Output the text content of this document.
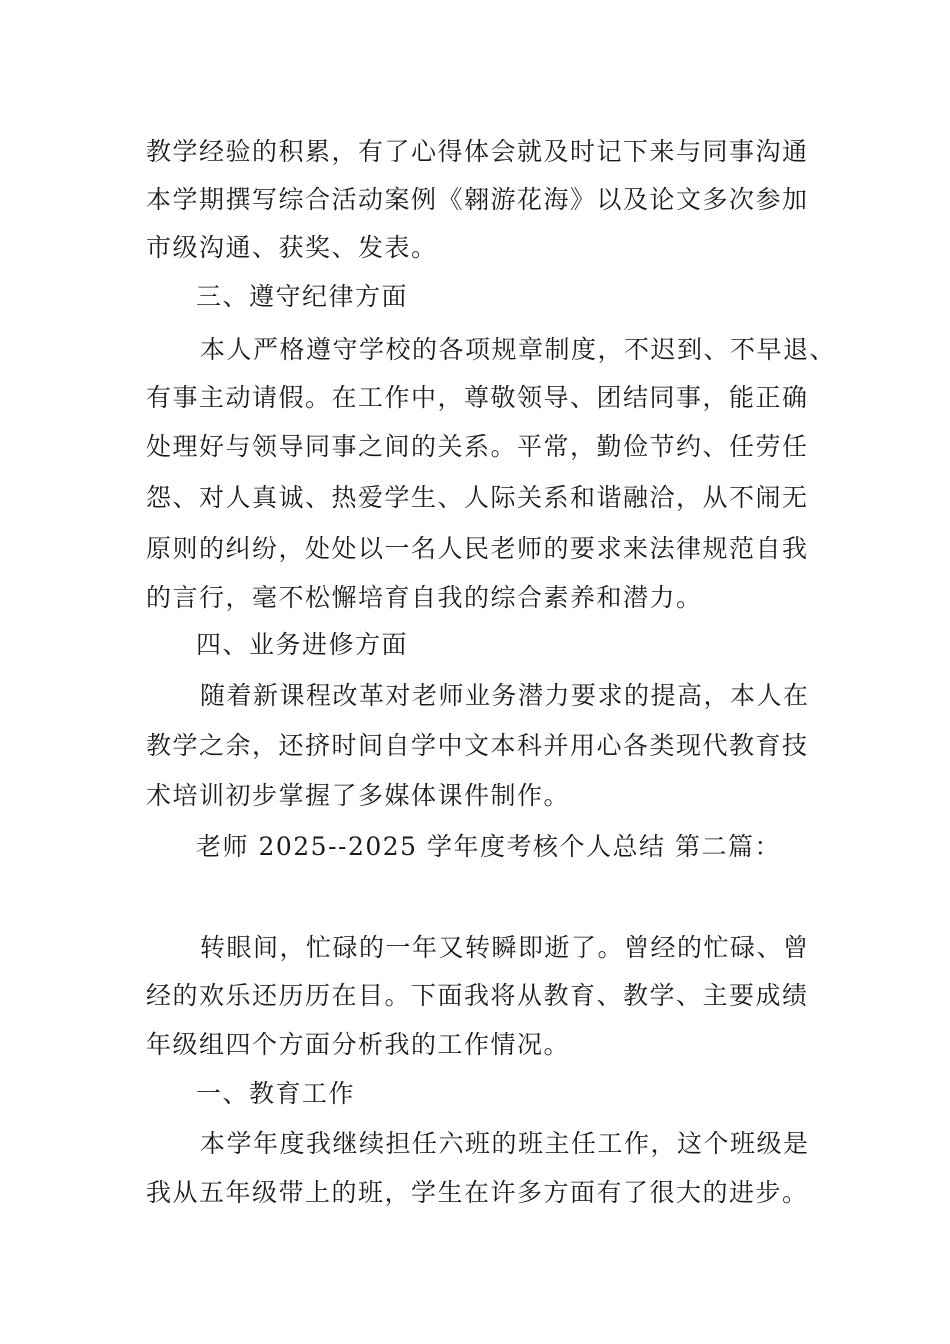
教学经验的积累，有了心得体会就及时记下来与同事沟通

本学期撰写综合活动案例《翱游花海》以及论文多次参加

市级沟通、获奖、发表。

三、遵守纪律方面

本人严格遵守学校的各项规章制度，不迟到、不早退、

有事主动请假。在工作中，尊敬领导、团结同事，能正确

处理好与领导同事之间的关系。平常，勤俭节约、任劳任

怨、对人真诚、热爱学生、人际关系和谐融洽，从不闹无

原则的纠纷，处处以一名人民老师的要求来法律规范自我

的言行，毫不松懈培育自我的综合素养和潜力。

四、业务进修方面

随着新课程改革对老师业务潜力要求的提高，本人在

教学之余，还挤时间自学中文本科并用心各类现代教育技

术培训初步掌握了多媒体课件制作。

老师 2025--2025 学年度考核个人总结 第二篇：

转眼间，忙碌的一年又转瞬即逝了。曾经的忙碌、曾

经的欢乐还历历在目。下面我将从教育、教学、主要成绩

年级组四个方面分析我的工作情况。

一、教育工作

本学年度我继续担任六班的班主任工作，这个班级是

我从五年级带上的班，学生在许多方面有了很大的进步。
